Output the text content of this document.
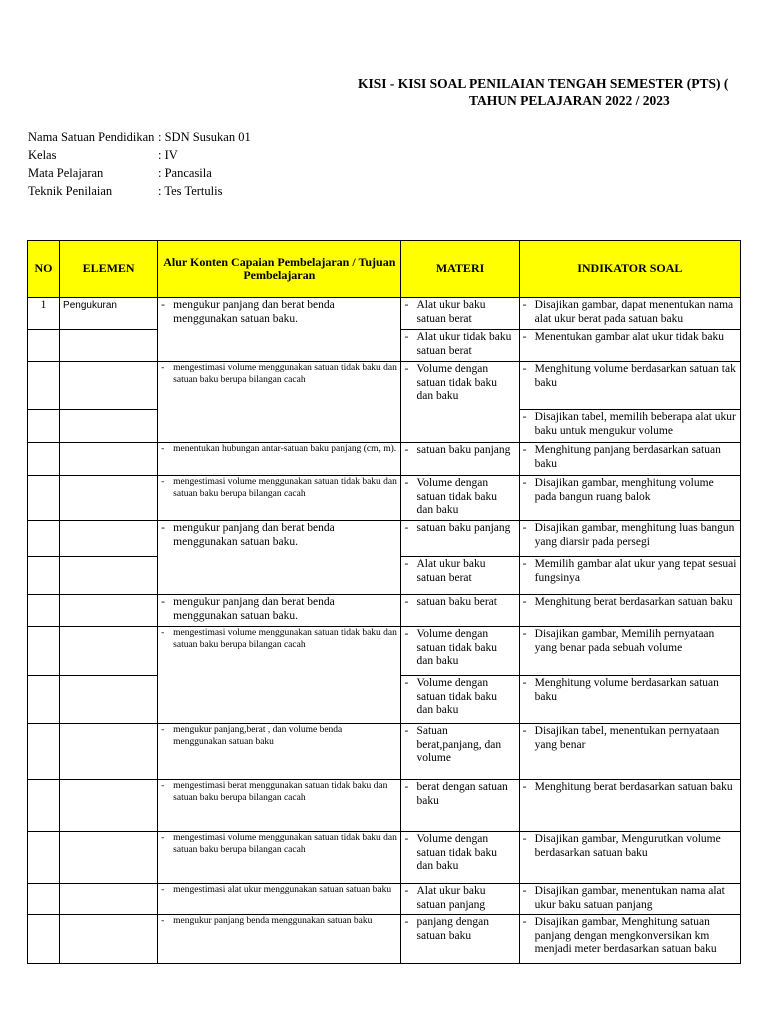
KISI - KISI SOAL PENILAIAN TENGAH SEMESTER (PTS) (
TAHUN PELAJARAN 2022 / 2023
Nama Satuan Pendidikan : SDN Susukan 01
Kelas	: IV
Mata Pelajaran	: Pancasila
Teknik Penilaian	: Tes Tertulis
NO	ELEMEN	Alur Konten Capaian Pembelajaran / Tujuan Pembelajaran	MATERI	INDIKATOR SOAL
1	Pengukuran	- mengukur panjang dan berat benda menggunakan satuan baku.	- Alat ukur baku satuan berat	- Disajikan gambar, dapat menentukan nama alat ukur berat pada satuan baku

			- Alat ukur tidak baku satuan berat	- Menentukan gambar alat ukur tidak baku

		- mengestimasi volume menggunakan satuan tidak baku dan satuan baku berupa bilangan cacah	- Volume dengan satuan tidak baku dan baku	- Menghitung volume berdasarkan satuan tak baku

				- Disajikan tabel, memilih beberapa alat ukur baku untuk mengukur volume

		- menentukan hubungan antar-satuan baku panjang (cm, m).	- satuan baku panjang	- Menghitung panjang berdasarkan satuan baku

		- mengestimasi volume menggunakan satuan tidak baku dan satuan baku berupa bilangan cacah	- Volume dengan satuan tidak baku dan baku	- Disajikan gambar, menghitung volume pada bangun ruang balok

		- mengukur panjang dan berat benda menggunakan satuan baku.	- satuan baku panjang	- Disajikan gambar, menghitung luas bangun yang diarsir pada persegi

			- Alat ukur baku satuan berat	- Memilih gambar alat ukur yang tepat sesuai fungsinya

		- mengukur panjang dan berat benda menggunakan satuan baku.	- satuan baku berat	- Menghitung berat berdasarkan satuan baku

		- mengestimasi volume menggunakan satuan tidak baku dan satuan baku berupa bilangan cacah	- Volume dengan satuan tidak baku dan baku	- Disajikan gambar, Memilih pernyataan yang benar pada sebuah volume

			- Volume dengan satuan tidak baku dan baku	- Menghitung volume berdasarkan satuan baku

		- mengukur panjang,berat , dan volume benda menggunakan satuan baku	- Satuan berat,panjang, dan volume	- Disajikan tabel, menentukan pernyataan yang benar

		- mengestimasi berat menggunakan satuan tidak baku dan satuan baku berupa bilangan cacah	- berat dengan satuan baku	- Menghitung berat berdasarkan satuan baku

		- mengestimasi volume menggunakan satuan tidak baku dan satuan baku berupa bilangan cacah	- Volume dengan satuan tidak baku dan baku	- Disajikan gambar, Mengurutkan volume berdasarkan satuan baku

		- mengestimasi alat ukur menggunakan satuan satuan baku	- Alat ukur baku satuan panjang	- Disajikan gambar, menentukan nama alat ukur baku satuan panjang

		- mengukur panjang benda menggunakan satuan baku	- panjang dengan satuan baku	- Disajikan gambar, Menghitung satuan panjang dengan mengkonversikan km menjadi meter berdasarkan satuan baku
